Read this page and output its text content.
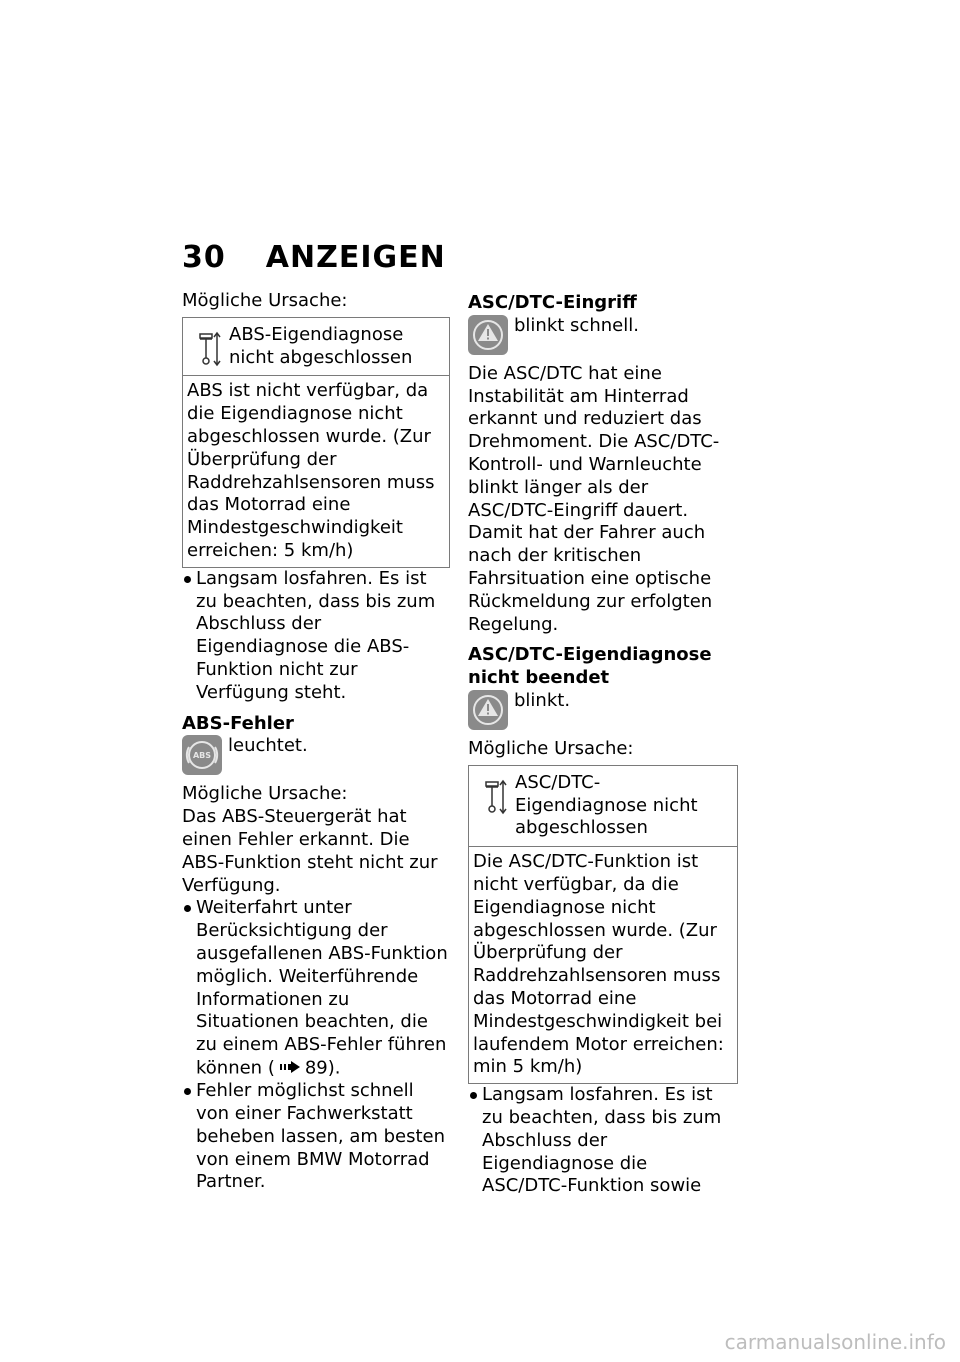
30 ANZEIGEN

Mögliche Ursache:

ABS-Eigendiagnose nicht abgeschlossen

ABS ist nicht verfügbar, da die Eigendiagnose nicht abgeschlossen wurde. (Zur Überprüfung der Raddrehzahlsensoren muss das Motorrad eine Mindestgeschwindigkeit erreichen: 5 km/h)

Langsam losfahren. Es ist zu beachten, dass bis zum Abschluss der Eigendiagnose die ABS-Funktion nicht zur Verfügung steht.

ABS-Fehler

ABS leuchtet.

Mögliche Ursache:

Das ABS-Steuergerät hat einen Fehler erkannt. Die ABS-Funktion steht nicht zur Verfügung.

Weiterfahrt unter Berücksichtigung der ausgefallenen ABS-Funktion möglich. Weiterführende Informationen zu Situationen beachten, die zu einem ABS-Fehler führen können ( 89).
Fehler möglichst schnell von einer Fachwerkstatt beheben lassen, am besten von einem BMW Motorrad Partner.

ASC/DTC-Eingriff

blinkt schnell.

Die ASC/DTC hat eine Instabilität am Hinterrad erkannt und reduziert das Drehmoment. Die ASC/DTC-Kontroll- und Warnleuchte blinkt länger als der ASC/DTC-Eingriff dauert. Damit hat der Fahrer auch nach der kritischen Fahrsituation eine optische Rückmeldung zur erfolgten Regelung.

ASC/DTC-Eigendiagnose nicht beendet

blinkt.

Mögliche Ursache:

ASC/DTC-Eigendiagnose nicht abgeschlossen

Die ASC/DTC-Funktion ist nicht verfügbar, da die Eigendiagnose nicht abgeschlossen wurde. (Zur Überprüfung der Raddrehzahlsensoren muss das Motorrad eine Mindestgeschwindigkeit bei laufendem Motor erreichen: min 5 km/h)

Langsam losfahren. Es ist zu beachten, dass bis zum Abschluss der Eigendiagnose die ASC/DTC-Funktion sowie
carmanualsonline.info
